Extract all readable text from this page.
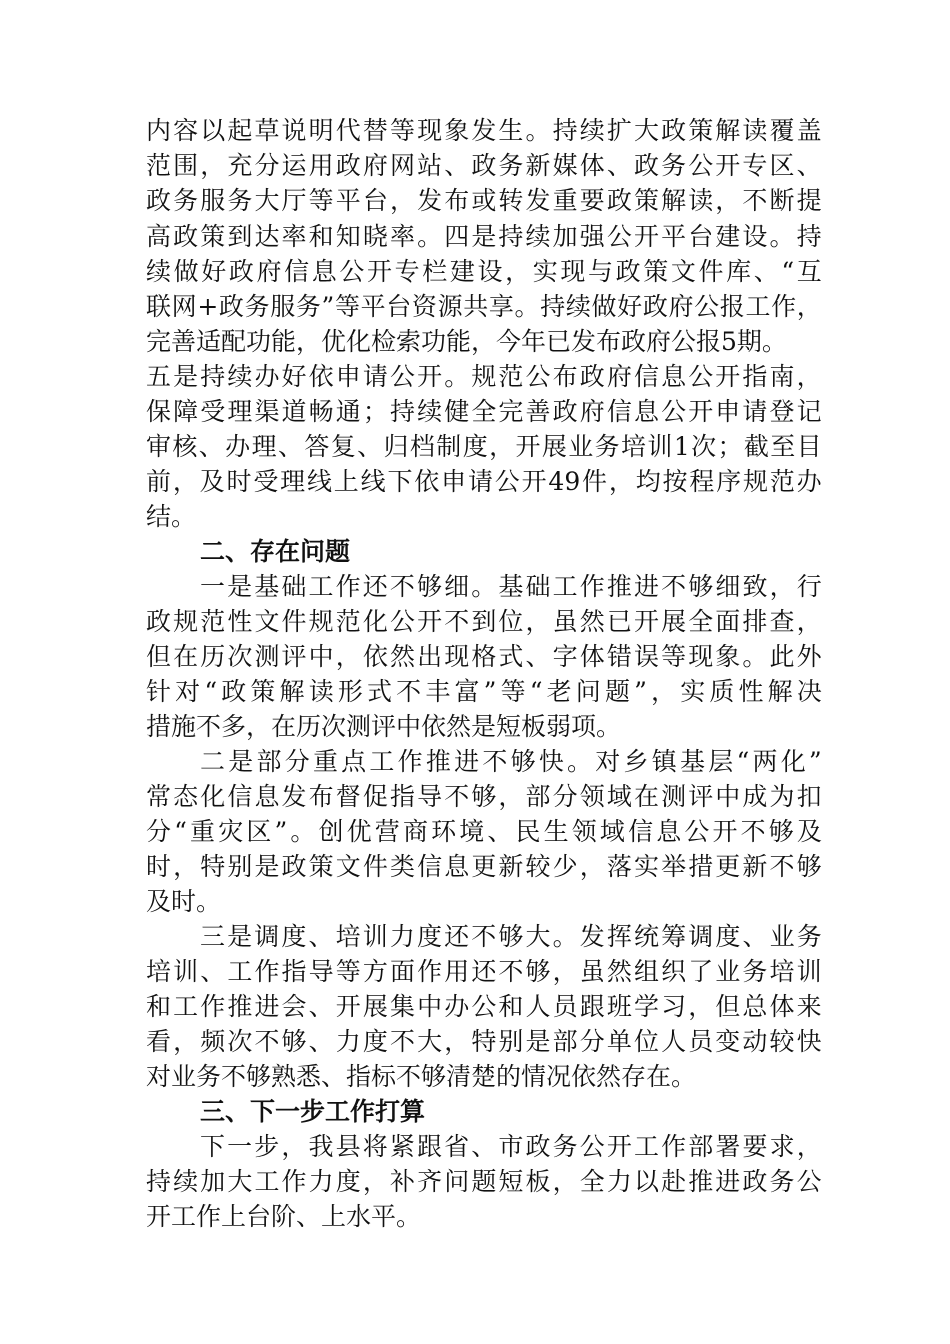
内 容 以 起 草 说 明 代 替 等 现 象 发 生 。 持 续 扩 大 政 策 解 读 覆 盖
范 围 ， 充 分 运 用 政 府 网 站 、 政 务 新 媒 体 、 政 务 公 开 专 区 、
政 务 服 务 大 厅 等 平 台 ， 发 布 或 转 发 重 要 政 策 解 读 ， 不 断 提
高 政 策 到 达 率 和 知 晓 率 。 四 是 持 续 加 强 公 开 平 台 建 设 。 持
续 做 好 政 府 信 息 公 开 专 栏 建 设 ， 实 现 与 政 策 文 件 库 、 “ 互
联 网 + 政 务 服 务 ” 等 平 台 资 源 共 享 。 持 续 做 好 政 府 公 报 工 作 ，
完善适配功能，优化检索功能，今年已发布政府公报5期。
五 是 持 续 办 好 依 申 请 公 开 。 规 范 公 布 政 府 信 息 公 开 指 南 ，
保 障 受 理 渠 道 畅 通 ； 持 续 健 全 完 善 政 府 信 息 公 开 申 请 登 记
审 核 、 办 理 、 答 复 、 归 档 制 度 ， 开 展 业 务 培 训 1 次 ； 截 至 目
前 ， 及 时 受 理 线 上 线 下 依 申 请 公 开 49 件 ， 均 按 程 序 规 范 办
结。
二、存在问题
一 是 基 础 工 作 还 不 够 细 。 基 础 工 作 推 进 不 够 细 致 ， 行
政 规 范 性 文 件 规 范 化 公 开 不 到 位 ， 虽 然 已 开 展 全 面 排 查 ，
但 在 历 次 测 评 中 ， 依 然 出 现 格 式 、 字 体 错 误 等 现 象 。 此 外
针 对 “ 政 策 解 读 形 式 不 丰 富 ” 等 “ 老 问 题 ” ， 实 质 性 解 决
措施不多，在历次测评中依然是短板弱项。
二 是 部 分 重 点 工 作 推 进 不 够 快 。 对 乡 镇 基 层 “ 两 化 ”
常 态 化 信 息 发 布 督 促 指 导 不 够 ， 部 分 领 域 在 测 评 中 成 为 扣
分 “ 重 灾 区 ” 。 创 优 营 商 环 境 、 民 生 领 域 信 息 公 开 不 够 及
时 ， 特 别 是 政 策 文 件 类 信 息 更 新 较 少 ， 落 实 举 措 更 新 不 够
及时。
三 是 调 度 、 培 训 力 度 还 不 够 大 。 发 挥 统 筹 调 度 、 业 务
培 训 、 工 作 指 导 等 方 面 作 用 还 不 够 ， 虽 然 组 织 了 业 务 培 训
和 工 作 推 进 会 、 开 展 集 中 办 公 和 人 员 跟 班 学 习 ， 但 总 体 来
看 ， 频 次 不 够 、 力 度 不 大 ， 特 别 是 部 分 单 位 人 员 变 动 较 快
对业务不够熟悉、指标不够清楚的情况依然存在。
三、下一步工作打算
下 一 步 ， 我 县 将 紧 跟 省 、 市 政 务 公 开 工 作 部 署 要 求 ，
持 续 加 大 工 作 力 度 ， 补 齐 问 题 短 板 ， 全 力 以 赴 推 进 政 务 公
开工作上台阶、上水平。
